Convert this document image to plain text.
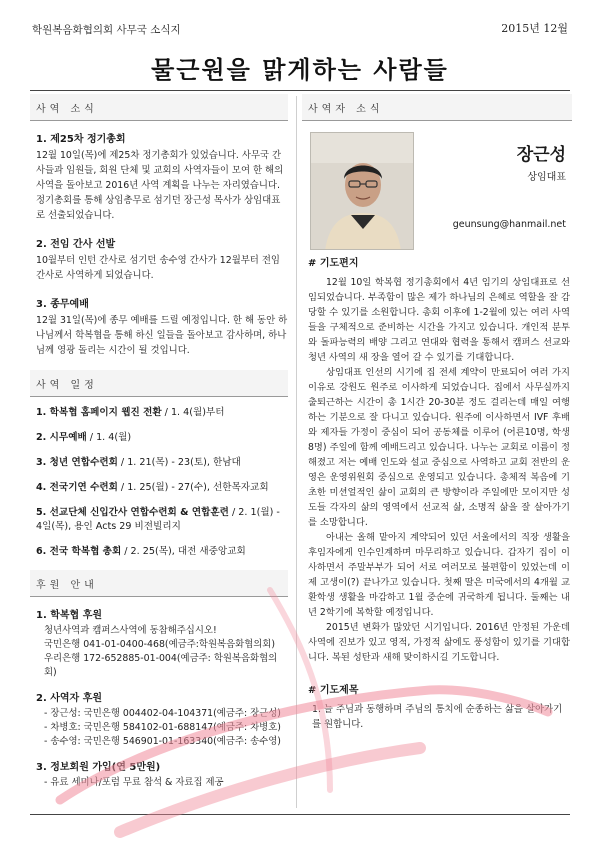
학원복음화협의회 사무국 소식지	2015년 12월
물근원을 맑게하는 사람들
사역 소식
1. 제25차 정기총회
12월 10일(목)에 제25차 정기총회가 있었습니다. 사무국 간사들과 임원들, 회원 단체 및 교회의 사역자들이 모여 한 해의 사역을 돌아보고 2016년 사역 계획을 나누는 자리였습니다. 정기총회를 통해 상임총무로 섬기던 장근성 목사가 상임대표로 선출되었습니다.
2. 전임 간사 선발
10월부터 인턴 간사로 섬기던 송수영 간사가 12월부터 전임간사로 사역하게 되었습니다.
3. 종무예배
12월 31일(목)에 종무 예배를 드릴 예정입니다. 한 해 동안 하나님께서 학복협을 통해 하신 일들을 돌아보고 감사하며, 하나님께 영광 돌리는 시간이 될 것입니다.
사역 일정
1. 학복협 홈페이지 웹진 전환 / 1. 4(월)부터
2. 시무예배 / 1. 4(월)
3. 청년 연합수련회 / 1. 21(목) - 23(토), 한남대
4. 전국기연 수련회 / 1. 25(월) - 27(수), 선한목자교회
5. 선교단체 신입간사 연합수련회 & 연합훈련 / 2. 1(월) - 4일(목), 용인 Acts 29 비전빌리지
6. 전국 학복협 총회 / 2. 25(목), 대전 새중앙교회
후원 안내
1. 학복협 후원
청년사역과 캠퍼스사역에 동참해주십시오!
국민은행 041-01-0400-468(예금주:학원복음화협의회)
우리은행 172-652885-01-004(예금주: 학원복음화협의회)
2. 사역자 후원
- 장근성: 국민은행 004402-04-104371(예금주: 장근성)
- 차병호: 국민은행 584102-01-688147(예금주: 차병호)
- 송수영: 국민은행 546901-01-163340(예금주: 송수영)
3. 정보회원 가입(연 5만원)
- 유료 세미나/포럼 무료 참석 & 자료집 제공
사역자 소식
장근성
상임대표
geunsung@hanmail.net
# 기도편지
12월 10일 학복협 정기총회에서 4년 임기의 상임대표로 선임되었습니다. 부족함이 많은 제가 하나님의 은혜로 역할을 잘 감당할 수 있기를 소원합니다. 총회 이후에 1-2월에 있는 여러 사역들을 구체적으로 준비하는 시간을 가지고 있습니다. 개인적 분투와 돌파능력의 배양 그리고 연대와 협력을 통해서 캠퍼스 선교와 청년 사역의 새 장을 열어 갈 수 있기를 기대합니다.
상임대표 인선의 시기에 집 전세 계약이 만료되어 여러 가지 이유로 강원도 원주로 이사하게 되었습니다. 집에서 사무실까지 출퇴근하는 시간이 총 1시간 20-30분 정도 걸리는데 매일 여행하는 기분으로 잘 다니고 있습니다. 원주에 이사하면서 IVF 후배와 제자들 가정이 중심이 되어 공동체를 이루어 (어른10명, 학생 8명) 주일에 함께 예배드리고 있습니다. 나누는 교회로 이름이 정해졌고 저는 예배 인도와 설교 중심으로 사역하고 교회 전반의 운영은 운영위원회 중심으로 운영되고 있습니다. 총체적 복음에 기초한 미션얼적인 삶이 교회의 큰 방향이라 주일에만 모이지만 성도들 각자의 삶의 영역에서 선교적 삶, 소명적 삶을 잘 살아가기를 소망합니다.
아내는 올해 맡아지 계약되어 있던 서울에서의 직장 생활을 후임자에게 인수인계하며 마무리하고 있습니다. 갑자기 집이 이사하면서 주말부부가 되어 서로 여러모로 불편함이 있었는데 이제 고생이(?) 끝나가고 있습니다. 첫째 딸은 미국에서의 4개월 교환학생 생활을 마감하고 1월 중순에 귀국하게 됩니다. 둘째는 내년 2학기에 복학할 예정입니다.
2015년 변화가 많았던 시기입니다. 2016년 안정된 가운데 사역에 진보가 있고 영적, 가정적 삶에도 풍성함이 있기를 기대합니다. 복된 성탄과 새해 맞이하시길 기도합니다.
# 기도제목
1. 늘 주님과 동행하며 주님의 통치에 순종하는 삶을 살아가기를 원합니다.
